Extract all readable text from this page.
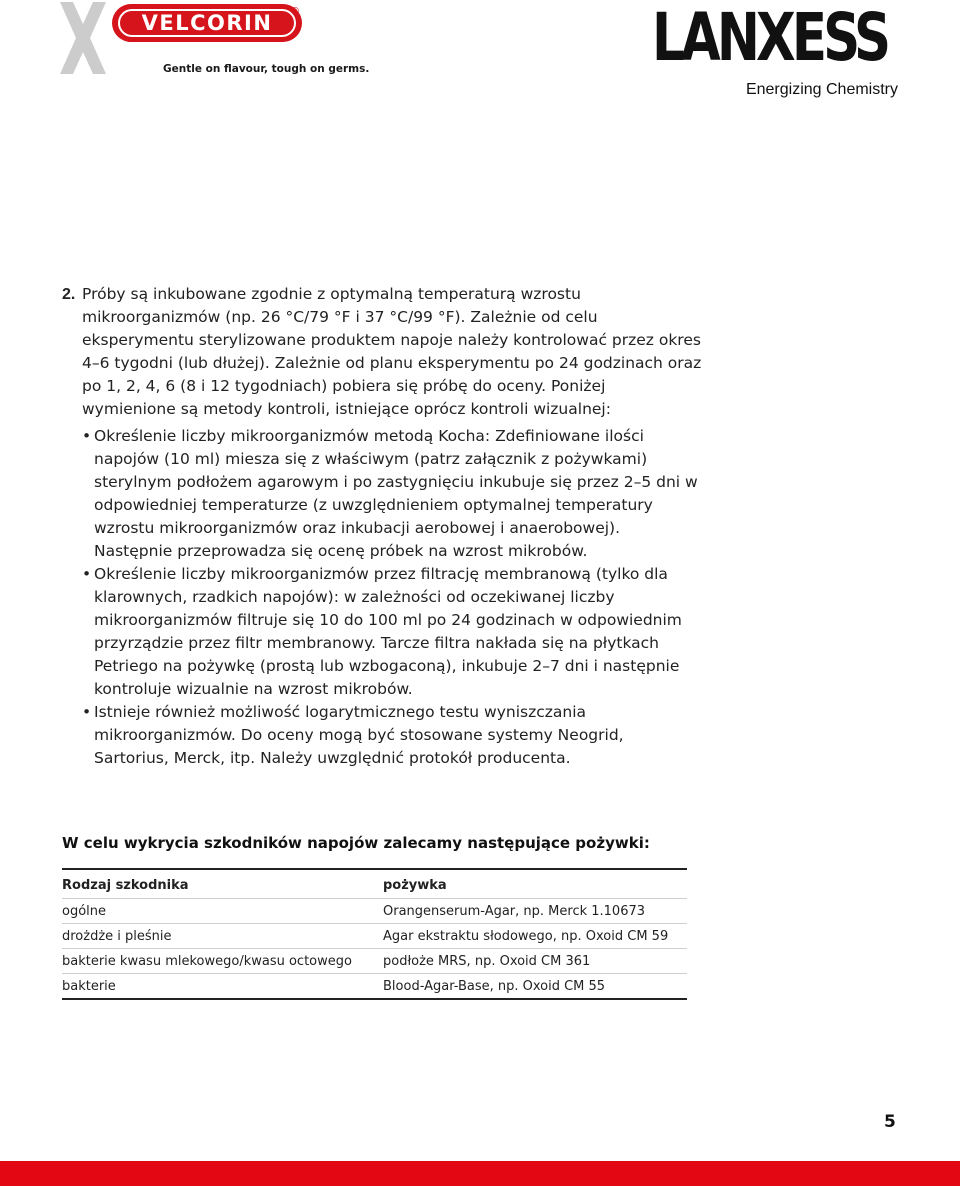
VELCORIN ®
Gentle on flavour, tough on germs.	LANXESS
Energizing Chemistry
2. Próby są inkubowane zgodnie z optymalną temperaturą wzrostu mikroorganizmów (np. 26 °C/79 °F i 37 °C/99 °F). Zależnie od celu eksperymentu sterylizowane produktem napoje należy kontrolować przez okres 4–6 tygodni (lub dłużej). Zależnie od planu eksperymentu po 24 godzinach oraz po 1, 2, 4, 6 (8 i 12 tygodniach) pobiera się próbę do oceny. Poniżej wymienione są metody kontroli, istniejące oprócz kontroli wizualnej:
• Określenie liczby mikroorganizmów metodą Kocha: Zdefiniowane ilości napojów (10 ml) miesza się z właściwym (patrz załącznik z pożywkami) sterylnym podłożem agarowym i po zastygnięciu inkubuje się przez 2–5 dni w odpowiedniej temperaturze (z uwzględnieniem optymalnej temperatury wzrostu mikroorganizmów oraz inkubacji aerobowej i anaerobowej). Następnie przeprowadza się ocenę próbek na wzrost mikrobów.
• Określenie liczby mikroorganizmów przez filtrację membranową (tylko dla klarownych, rzadkich napojów): w zależności od oczekiwanej liczby mikroorganizmów filtruje się 10 do 100 ml po 24 godzinach w odpowiednim przyrządzie przez filtr membranowy. Tarcze filtra nakłada się na płytkach Petriego na pożywkę (prostą lub wzbogaconą), inkubuje 2–7 dni i następnie kontroluje wizualnie na wzrost mikrobów.
• Istnieje również możliwość logarytmicznego testu wyniszczania mikroorganizmów. Do oceny mogą być stosowane systemy Neogrid, Sartorius, Merck, itp. Należy uwzględnić protokół producenta.
W celu wykrycia szkodników napojów zalecamy następujące pożywki:
Rodzaj szkodnika	pożywka
ogólne	Orangenserum-Agar, np. Merck 1.10673
drożdże i pleśnie	Agar ekstraktu słodowego, np. Oxoid CM 59
bakterie kwasu mlekowego/kwasu octowego	podłoże MRS, np. Oxoid CM 361
bakterie	Blood-Agar-Base, np. Oxoid CM 55
5
